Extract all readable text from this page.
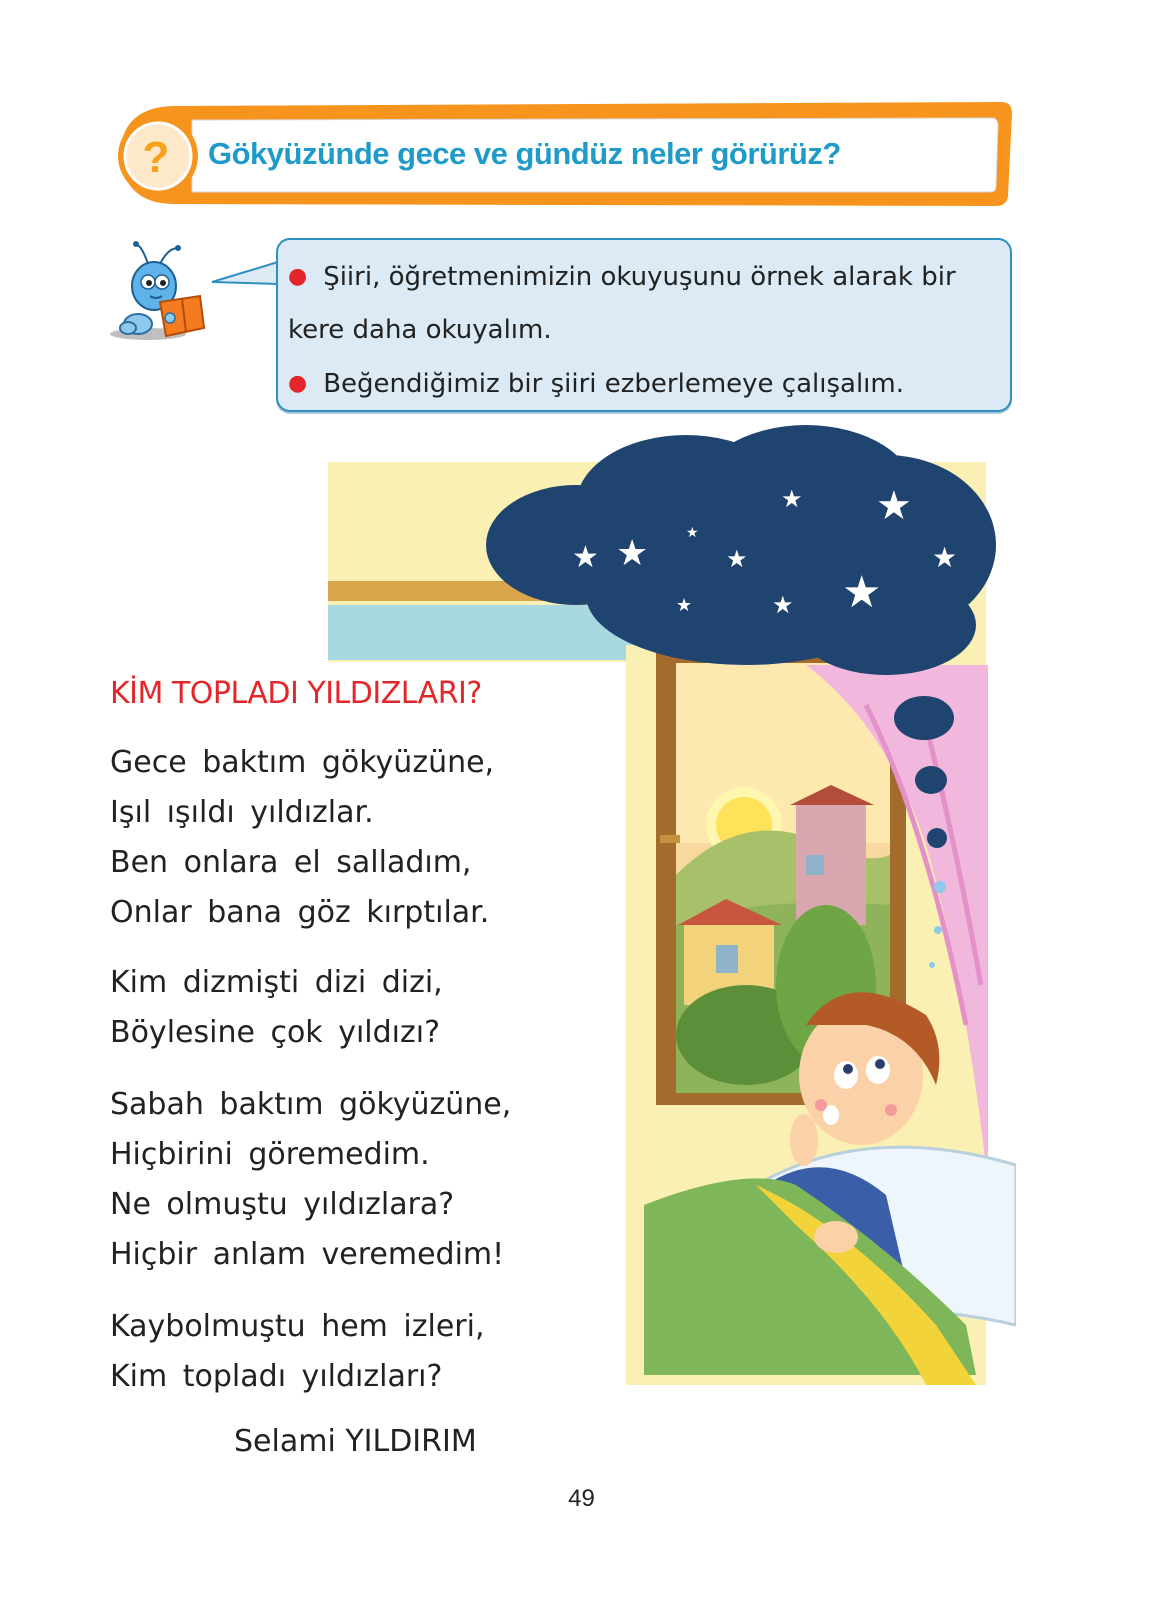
?	Gökyüzünde gece ve gündüz neler görürüz?
● Şiiri, öğretmenimizin okuyuşunu örnek alarak bir
kere daha okuyalım.
● Beğendiğimiz bir şiiri ezberlemeye çalışalım.
★ ★	★
★
★ ★
★
★	★ ★
KİM TOPLADI YILDIZLARI?
Gece baktım gökyüzüne,
Işıl ışıldı yıldızlar.
Ben onlara el salladım,
Onlar bana göz kırptılar.
Kim dizmişti dizi dizi,
Böylesine çok yıldızı?
Sabah baktım gökyüzüne,
Hiçbirini göremedim.
Ne olmuştu yıldızlara?
Hiçbir anlam veremedim!
Kaybolmuştu hem izleri,
Kim topladı yıldızları?
Selami YILDIRIM
49
